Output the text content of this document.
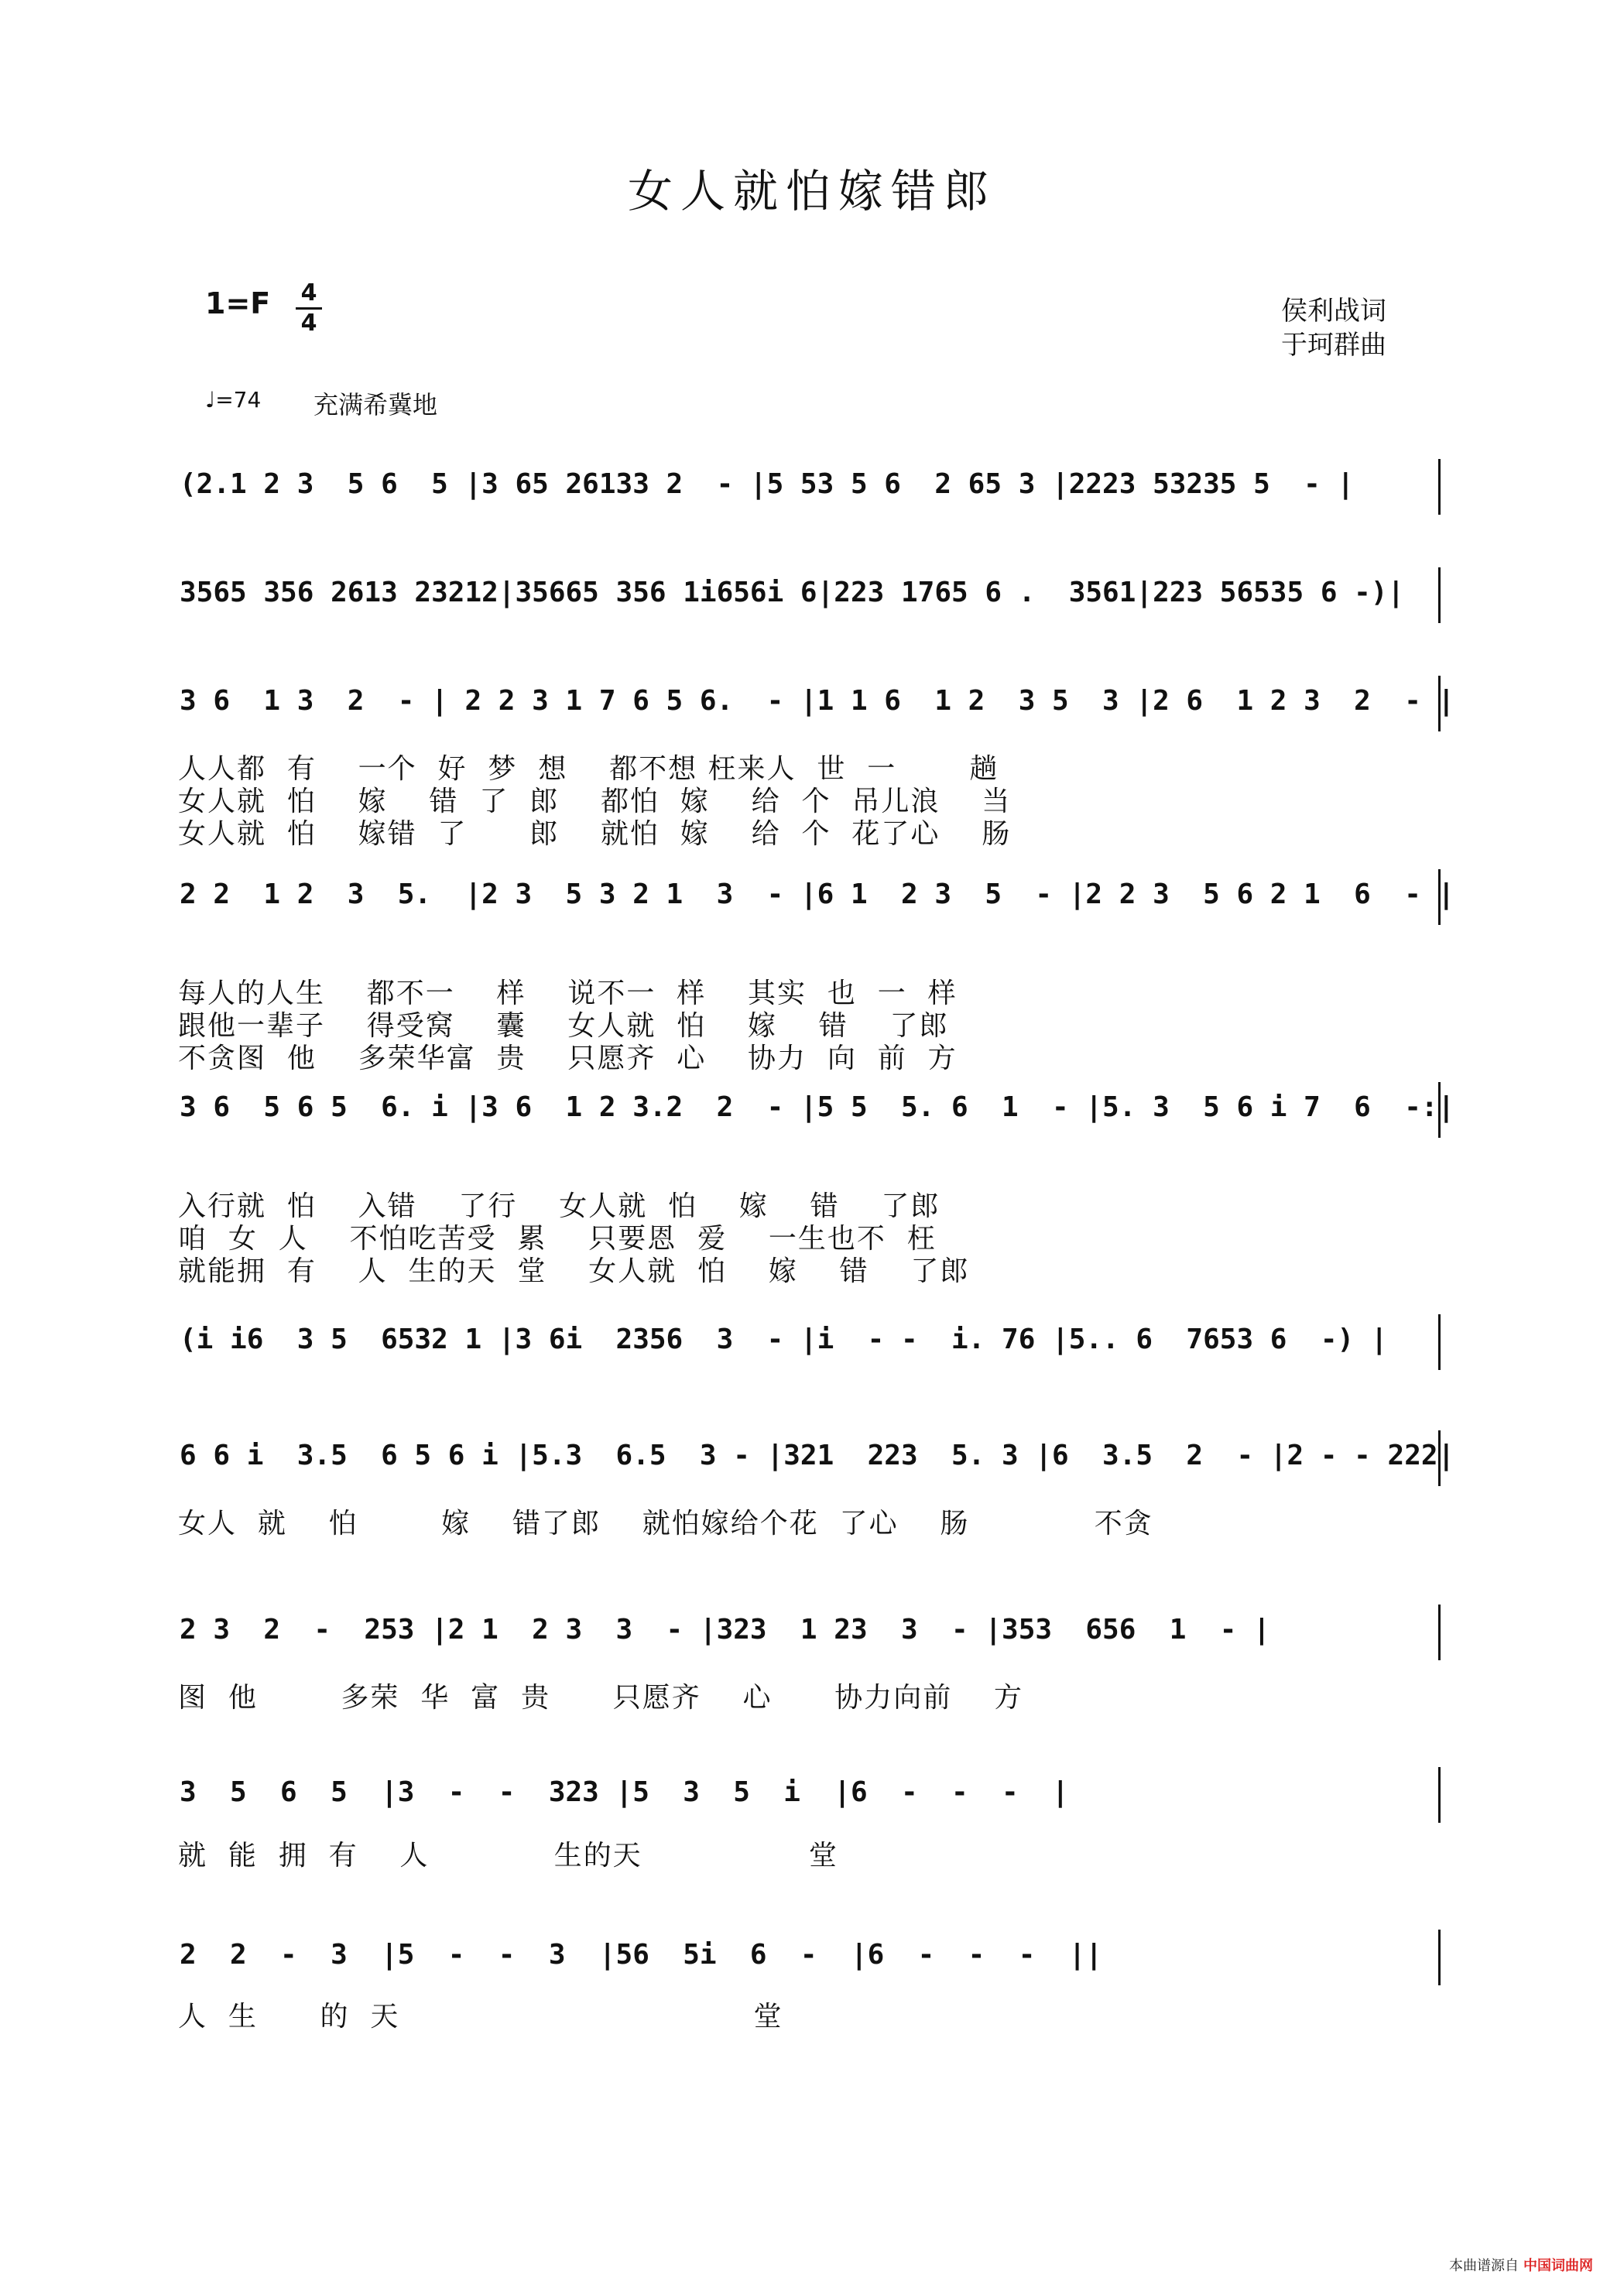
女人就怕嫁错郎
1=F 4
4	侯利战词
于珂群曲
♩=74 充满希冀地
(2.1 2 3  5 6  5 |3 65 26133 2  - |5 53 5 6  2 65 3 |2223 53235 5  - |
3565 356 2613 23212|35665 356 1i656i 6|223 1765 6 .  3561|223 56535 6 -)|
3 6  1 3  2  - | 2 2 3 1 7 6 5 6.  - |1 1 6  1 2  3 5  3 |2 6  1 2 3  2  - |
人人都  有    一个  好  梦  想    都不想 枉来人  世  一       趟
女人就  怕    嫁    错  了  郎    都怕  嫁    给  个  吊儿浪    当
女人就  怕    嫁错  了      郎    就怕  嫁    给  个  花了心    肠
2 2  1 2  3  5.  |2 3  5 3 2 1  3  - |6 1  2 3  5  - |2 2 3  5 6 2 1  6  - |
每人的人生    都不一    样    说不一  样    其实  也  一  样
跟他一辈子    得受窝    囊    女人就  怕    嫁    错    了郎
不贪图  他    多荣华富  贵    只愿齐  心    协力  向  前  方
3 6  5 6 5  6. i |3 6  1 2 3.2  2  - |5 5  5. 6  1  - |5. 3  5 6 i 7  6  -:|
入行就  怕    入错    了行    女人就  怕    嫁    错    了郎
咱  女  人    不怕吃苦受  累    只要恩  爱    一生也不  枉
就能拥  有    人  生的天  堂    女人就  怕    嫁    错    了郎
(i i6  3 5  6532 1 |3 6i  2356  3  - |i  - -  i. 76 |5.. 6  7653 6  -) |
6 6 i  3.5  6 5 6 i |5.3  6.5  3 - |321  223  5. 3 |6  3.5  2  - |2 - - 222|
女人  就    怕        嫁    错了郎    就怕嫁给个花  了心    肠            不贪
2 3  2  -  253 |2 1  2 3  3  - |323  1 23  3  - |353  656  1  - |
图  他        多荣  华  富  贵      只愿齐    心      协力向前    方
3  5  6  5  |3  -  -  323 |5  3  5  i  |6  -  -  -  |
就  能  拥  有    人            生的天                堂
2  2  -  3  |5  -  -  3  |56  5i  6  -  |6  -  -  -  ||
人  生      的  天                                  堂
本曲谱源自 中国词曲网
